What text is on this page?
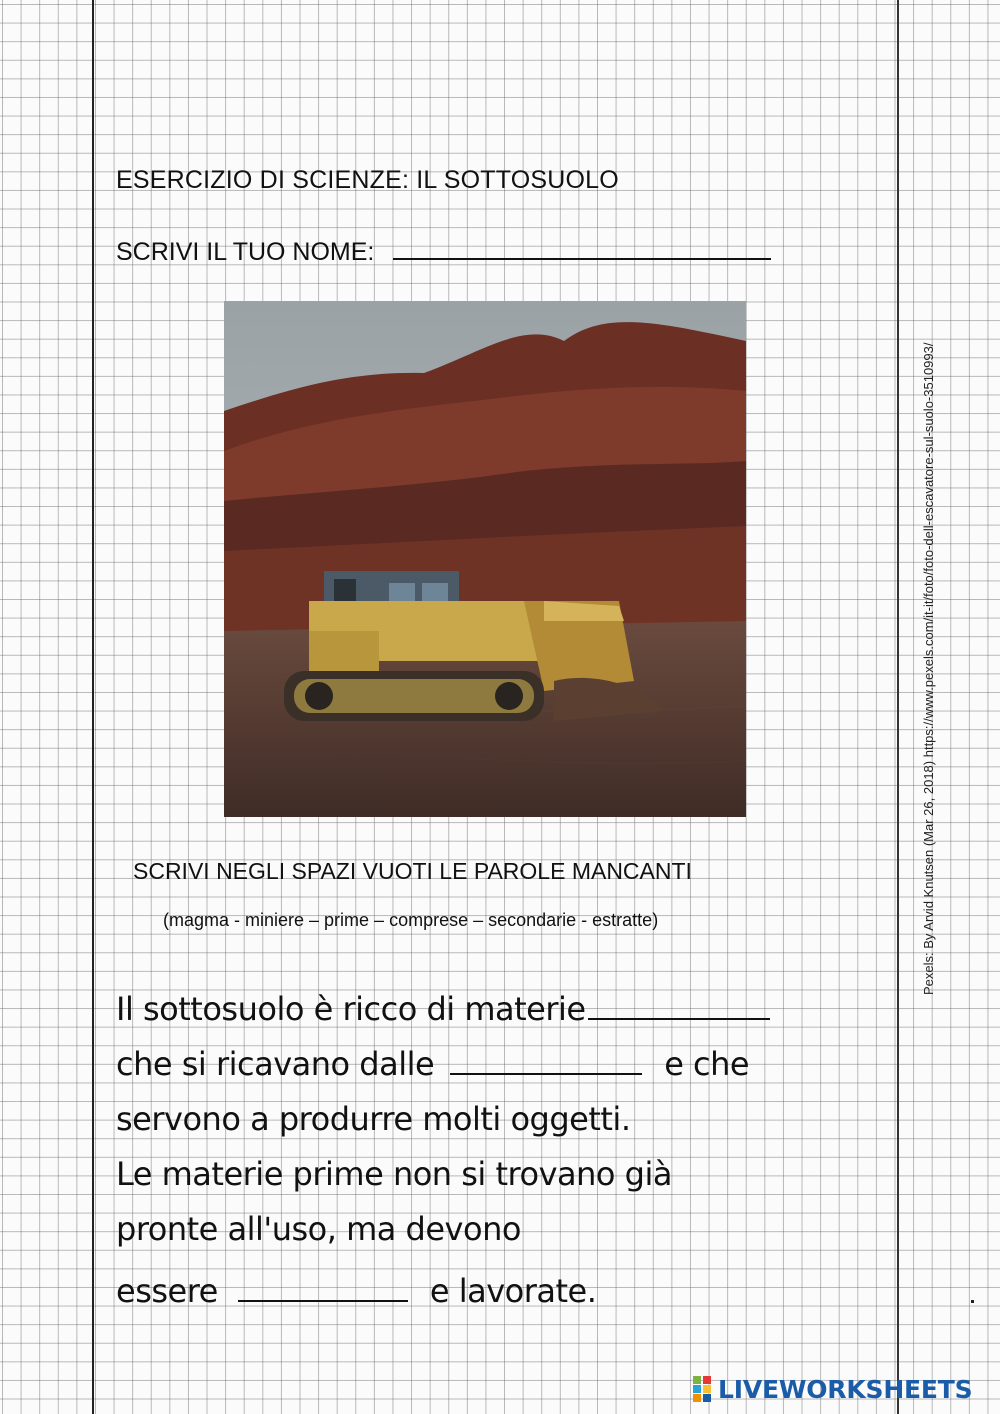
ESERCIZIO DI SCIENZE: IL SOTTOSUOLO
SCRIVI IL TUO NOME:
SCRIVI NEGLI SPAZI VUOTI LE PAROLE MANCANTI
(magma - miniere – prime – comprese – secondarie - estratte)
Il sottosuolo è ricco di materie
che si ricavano dalle	e che
servono a produrre molti oggetti.
Le materie prime non si trovano già
pronte all'uso, ma devono
essere	e lavorate.
Pexels: By Arvid Knutsen (Mar 26, 2018) https://www.pexels.com/it-it/foto/foto-dell-escavatore-sul-suolo-3510993/
LIVEWORKSHEETS
